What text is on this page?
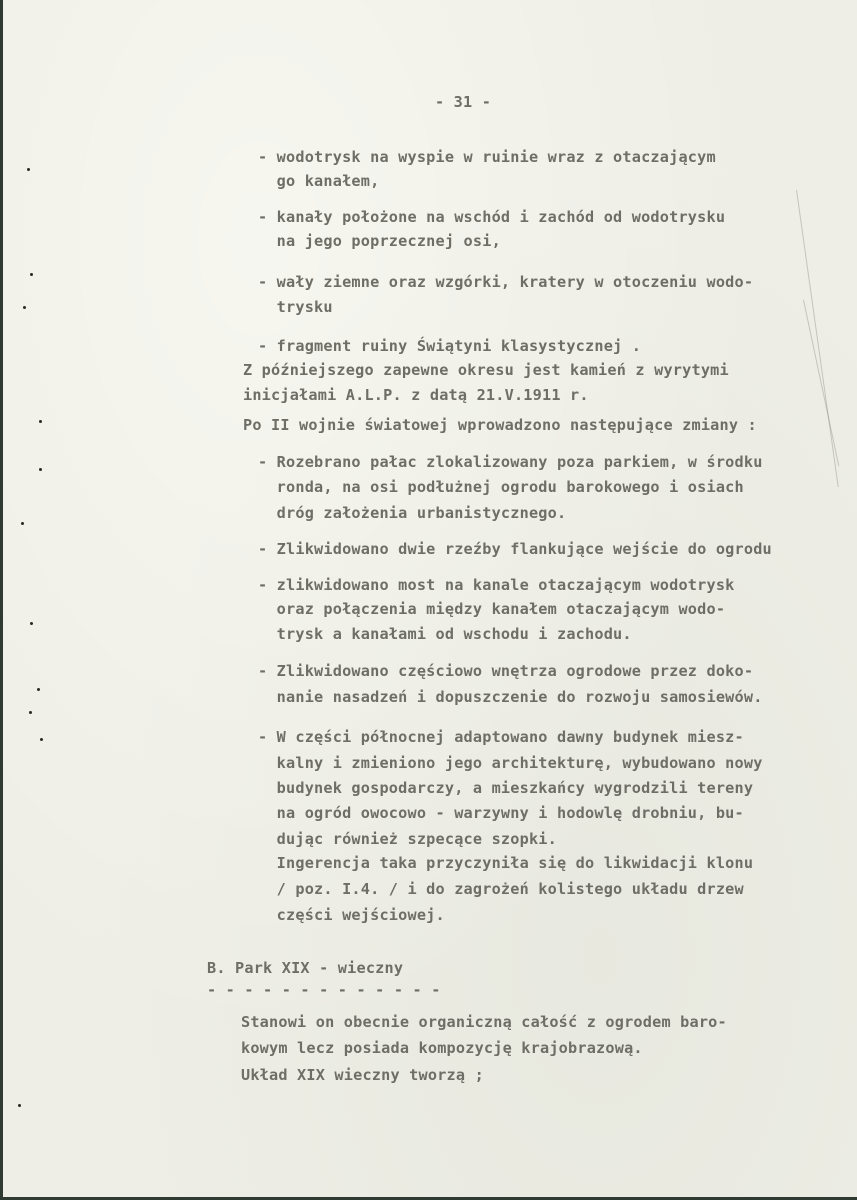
- 31 -
- wodotrysk na wyspie w ruinie wraz z otaczającym
go kanałem,
- kanały położone na wschód i zachód od wodotrysku
na jego poprzecznej osi,
- wały ziemne oraz wzgórki, kratery w otoczeniu wodo-
trysku
- fragment ruiny Świątyni klasystycznej .
Z późniejszego zapewne okresu jest kamień z wyrytymi
inicjałami A.L.P. z datą 21.V.1911 r.
Po II wojnie światowej wprowadzono następujące zmiany :
- Rozebrano pałac zlokalizowany poza parkiem, w środku
ronda, na osi podłużnej ogrodu barokowego i osiach
dróg założenia urbanistycznego.
- Zlikwidowano dwie rzeźby flankujące wejście do ogrodu
- zlikwidowano most na kanale otaczającym wodotrysk
oraz połączenia między kanałem otaczającym wodo-
trysk a kanałami od wschodu i zachodu.
- Zlikwidowano częściowo wnętrza ogrodowe przez doko-
nanie nasadzeń i dopuszczenie do rozwoju samosiewów.
- W części północnej adaptowano dawny budynek miesz-
kalny i zmieniono jego architekturę, wybudowano nowy
budynek gospodarczy, a mieszkańcy wygrodzili tereny
na ogród owocowo - warzywny i hodowlę drobniu, bu-
dując również szpecące szopki.
Ingerencja taka przyczyniła się do likwidacji klonu
/ poz. I.4. / i do zagrożeń kolistego układu drzew
części wejściowej.
B. Park XIX - wieczny
- - - - - - - - - - - - -
Stanowi on obecnie organiczną całość z ogrodem baro-
kowym lecz posiada kompozycję krajobrazową.
Układ XIX wieczny tworzą ;
